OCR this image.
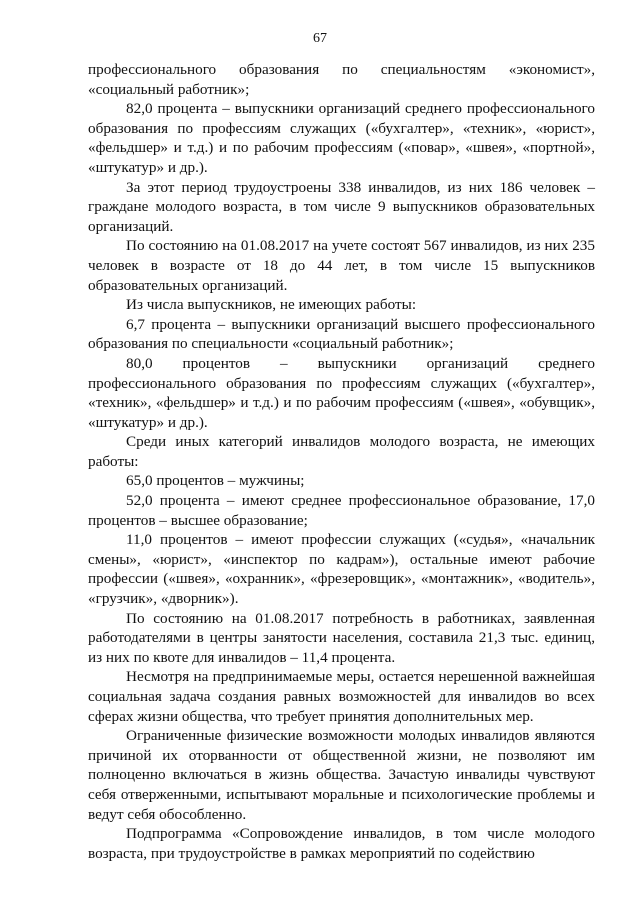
67

профессионального образования по специальностям «экономист», «социальный работник»;

82,0 процента – выпускники организаций среднего профессионального образования по профессиям служащих («бухгалтер», «техник», «юрист», «фельдшер» и т.д.) и по рабочим профессиям («повар», «швея», «портной», «штукатур» и др.).

За этот период трудоустроены 338 инвалидов, из них 186 человек – граждане молодого возраста, в том числе 9 выпускников образовательных организаций.

По состоянию на 01.08.2017 на учете состоят 567 инвалидов, из них 235 человек в возрасте от 18 до 44 лет, в том числе 15 выпускников образовательных организаций.

Из числа выпускников, не имеющих работы:

6,7 процента – выпускники организаций высшего профессионального образования по специальности «социальный работник»;

80,0 процентов – выпускники организаций среднего профессионального образования по профессиям служащих («бухгалтер», «техник», «фельдшер» и т.д.) и по рабочим профессиям («швея», «обувщик», «штукатур» и др.).

Среди иных категорий инвалидов молодого возраста, не имеющих работы:

65,0 процентов – мужчины;

52,0 процента – имеют среднее профессиональное образование, 17,0 процентов – высшее образование;

11,0 процентов – имеют профессии служащих («судья», «начальник смены», «юрист», «инспектор по кадрам»), остальные имеют рабочие профессии («швея», «охранник», «фрезеровщик», «монтажник», «водитель», «грузчик», «дворник»).

По состоянию на 01.08.2017 потребность в работниках, заявленная работодателями в центры занятости населения, составила 21,3 тыс. единиц, из них по квоте для инвалидов – 11,4 процента.

Несмотря на предпринимаемые меры, остается нерешенной важнейшая социальная задача создания равных возможностей для инвалидов во всех сферах жизни общества, что требует принятия дополнительных мер.

Ограниченные физические возможности молодых инвалидов являются причиной их оторванности от общественной жизни, не позволяют им полноценно включаться в жизнь общества. Зачастую инвалиды чувствуют себя отверженными, испытывают моральные и психологические проблемы и ведут себя обособленно.

Подпрограмма «Сопровождение инвалидов, в том числе молодого возраста, при трудоустройстве в рамках мероприятий по содействию
